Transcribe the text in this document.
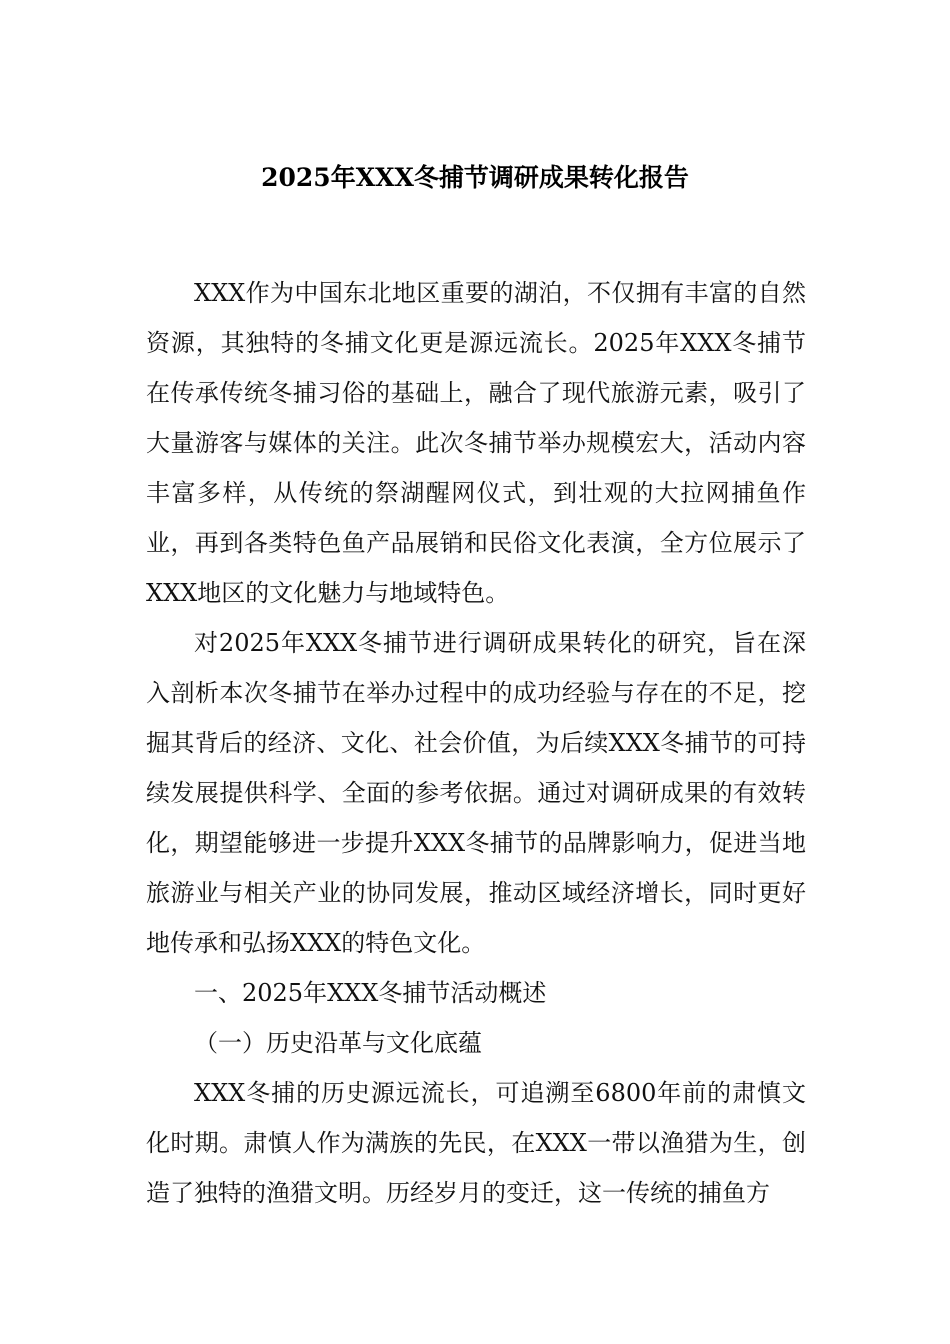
2025年XXX冬捕节调研成果转化报告

XXX作为中国东北地区重要的湖泊，不仅拥有丰富的自然资源，其独特的冬捕文化更是源远流长。2025年XXX冬捕节在传承传统冬捕习俗的基础上，融合了现代旅游元素，吸引了大量游客与媒体的关注。此次冬捕节举办规模宏大，活动内容丰富多样，从传统的祭湖醒网仪式，到壮观的大拉网捕鱼作业，再到各类特色鱼产品展销和民俗文化表演，全方位展示了XXX地区的文化魅力与地域特色。

对2025年XXX冬捕节进行调研成果转化的研究，旨在深入剖析本次冬捕节在举办过程中的成功经验与存在的不足，挖掘其背后的经济、文化、社会价值，为后续XXX冬捕节的可持续发展提供科学、全面的参考依据。通过对调研成果的有效转化，期望能够进一步提升XXX冬捕节的品牌影响力，促进当地旅游业与相关产业的协同发展，推动区域经济增长，同时更好地传承和弘扬XXX的特色文化。

一、2025年XXX冬捕节活动概述

（一）历史沿革与文化底蕴

XXX冬捕的历史源远流长，可追溯至6800年前的肃慎文化时期。肃慎人作为满族的先民，在XXX一带以渔猎为生，创造了独特的渔猎文明。历经岁月的变迁，这一传统的捕鱼方
